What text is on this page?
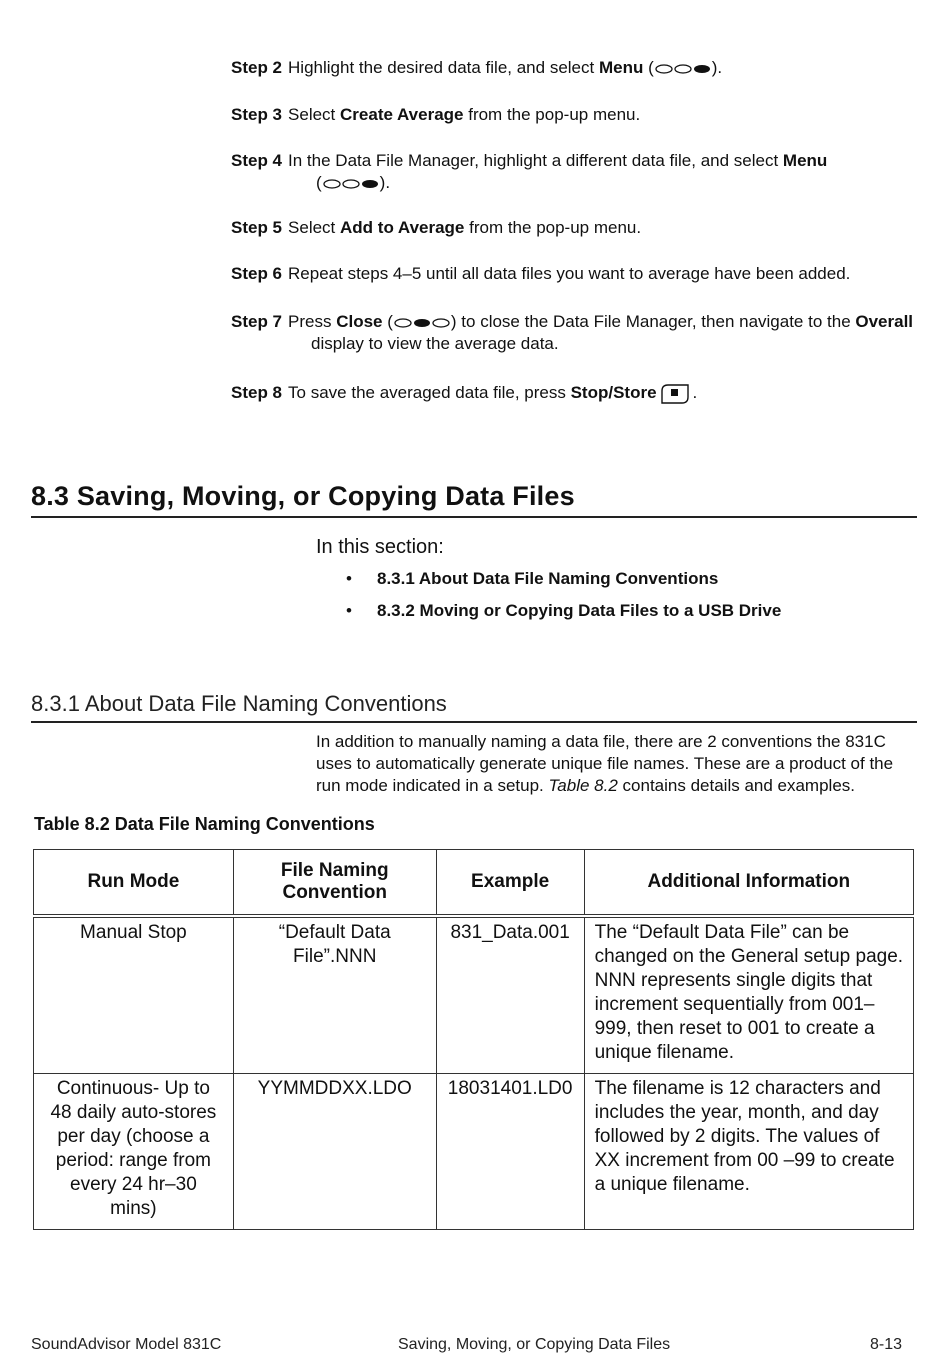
Step 2 Highlight the desired data file, and select Menu (	).
Step 3 Select Create Average from the pop-up menu.
Step 4 In the Data File Manager, highlight a different data file, and select Menu
(	).
Step 5 Select Add to Average from the pop-up menu.
Step 6 Repeat steps 4–5 until all data files you want to average have been added.
Step 7 Press Close (	) to close the Data File Manager, then navigate to the Overall
display to view the average data.
Step 8 To save the averaged data file, press Stop/Store .
8.3 Saving, Moving, or Copying Data Files
In this section:
• 8.3.1 About Data File Naming Conventions
• 8.3.2 Moving or Copying Data Files to a USB Drive
8.3.1 About Data File Naming Conventions
In addition to manually naming a data file, there are 2 conventions the 831C uses to automatically generate unique file names. These are a product of the run mode indicated in a setup. Table 8.2 contains details and examples.
Table 8.2 Data File Naming Conventions
Run Mode	File Naming Convention	Example	Additional Information
Manual Stop	“Default Data File”.NNN	831_Data.001	The “Default Data File” can be changed on the General setup page. NNN represents single digits that increment sequentially from 001–999, then reset to 001 to create a unique filename.
Continuous- Up to 48 daily auto-stores per day (choose a period: range from every 24 hr–30 mins)	YYMMDDXX.LDO	18031401.LD0	The filename is 12 characters and includes the year, month, and day followed by 2 digits. The values of XX increment from 00 –99 to create a unique filename.
SoundAdvisor Model 831C	Saving, Moving, or Copying Data Files	8-13
